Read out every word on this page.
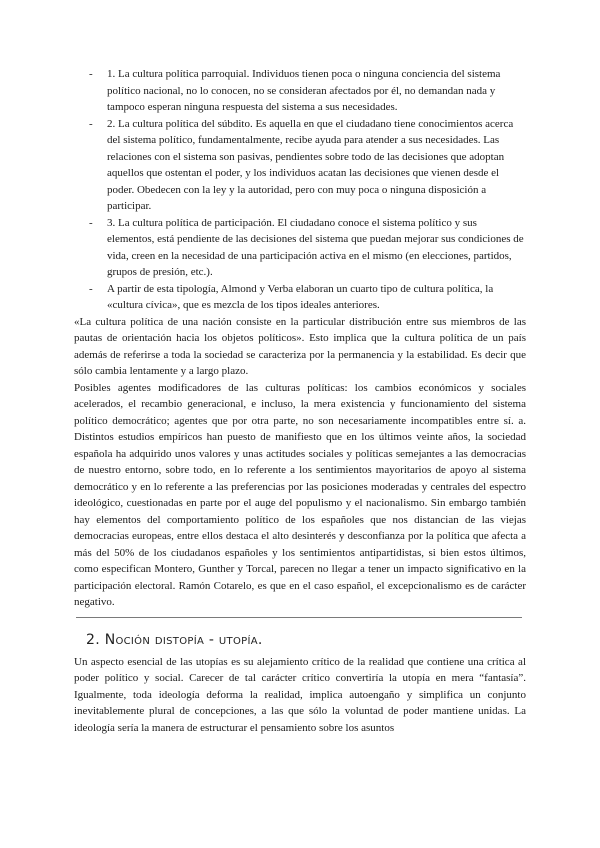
- 1. La cultura política parroquial. Individuos tienen poca o ninguna conciencia del sistema político nacional, no lo conocen, no se consideran afectados por él, no demandan nada y tampoco esperan ninguna respuesta del sistema a sus necesidades.
- 2. La cultura política del súbdito. Es aquella en que el ciudadano tiene conocimientos acerca del sistema político, fundamentalmente, recibe ayuda para atender a sus necesidades. Las relaciones con el sistema son pasivas, pendientes sobre todo de las decisiones que adoptan aquellos que ostentan el poder, y los individuos acatan las decisiones que vienen desde el poder. Obedecen con la ley y la autoridad, pero con muy poca o ninguna disposición a participar.
- 3. La cultura política de participación. El ciudadano conoce el sistema político y sus elementos, está pendiente de las decisiones del sistema que puedan mejorar sus condiciones de vida, creen en la necesidad de una participación activa en el mismo (en elecciones, partidos, grupos de presión, etc.).
- A partir de esta tipología, Almond y Verba elaboran un cuarto tipo de cultura política, la «cultura cívica», que es mezcla de los tipos ideales anteriores.

«La cultura política de una nación consiste en la particular distribución entre sus miembros de las pautas de orientación hacia los objetos políticos». Esto implica que la cultura política de un país además de referirse a toda la sociedad se caracteriza por la permanencia y la estabilidad. Es decir que sólo cambia lentamente y a largo plazo.

Posibles agentes modificadores de las culturas políticas: los cambios económicos y sociales acelerados, el recambio generacional, e incluso, la mera existencia y funcionamiento del sistema político democrático; agentes que por otra parte, no son necesariamente incompatibles entre sí. a. Distintos estudios empíricos han puesto de manifiesto que en los últimos veinte años, la sociedad española ha adquirido unos valores y unas actitudes sociales y políticas semejantes a las democracias de nuestro entorno, sobre todo, en lo referente a los sentimientos mayoritarios de apoyo al sistema democrático y en lo referente a las preferencias por las posiciones moderadas y centrales del espectro ideológico, cuestionadas en parte por el auge del populismo y el nacionalismo. Sin embargo también hay elementos del comportamiento político de los españoles que nos distancian de las viejas democracias europeas, entre ellos destaca el alto desinterés y desconfianza por la política que afecta a más del 50% de los ciudadanos españoles y los sentimientos antipartidistas, si bien estos últimos, como especifican Montero, Gunther y Torcal, parecen no llegar a tener un impacto significativo en la participación electoral. Ramón Cotarelo, es que en el caso español, el excepcionalismo es de carácter negativo.

2. Noción distopía - utopía.

Un aspecto esencial de las utopías es su alejamiento crítico de la realidad que contiene una crítica al poder político y social. Carecer de tal carácter crítico convertiría la utopía en mera “fantasía”. Igualmente, toda ideología deforma la realidad, implica autoengaño y simplifica un conjunto inevitablemente plural de concepciones, a las que sólo la voluntad de poder mantiene unidas. La ideología sería la manera de estructurar el pensamiento sobre los asuntos
